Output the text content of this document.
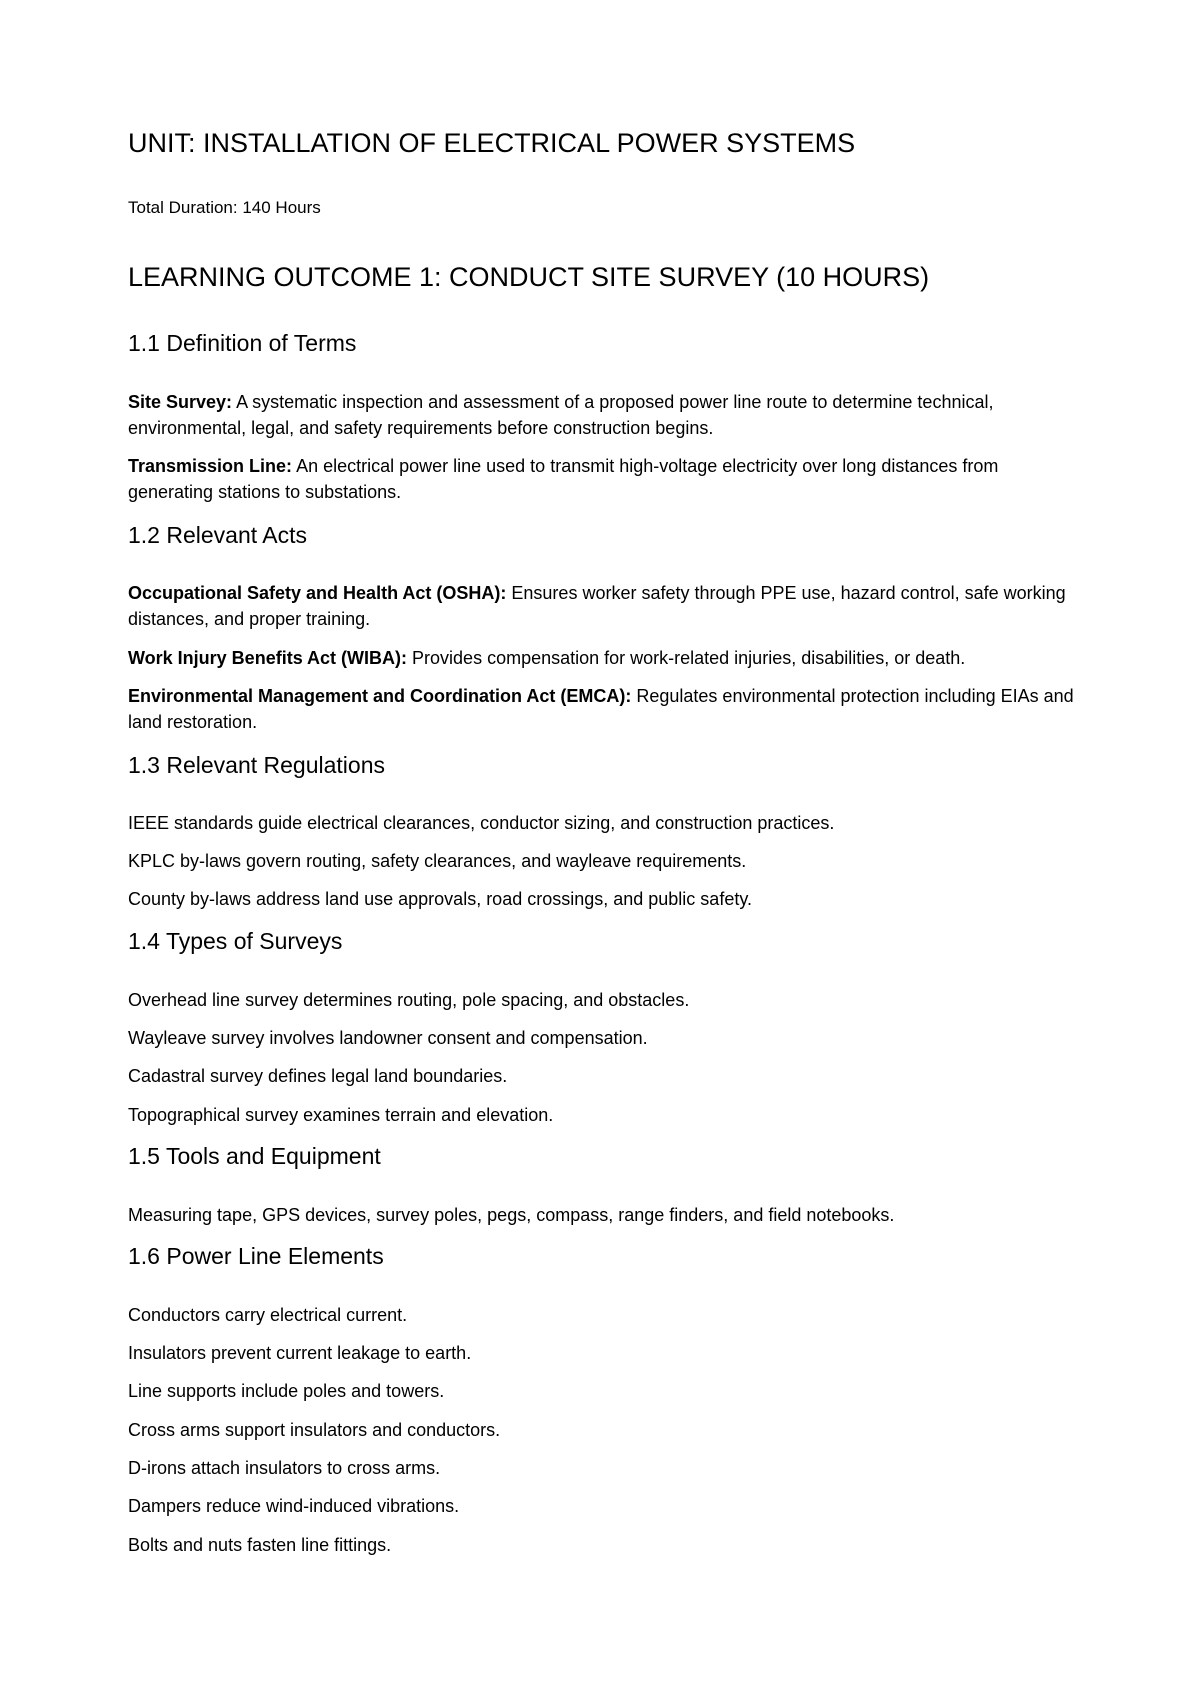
UNIT: INSTALLATION OF ELECTRICAL POWER SYSTEMS
Total Duration: 140 Hours
LEARNING OUTCOME 1: CONDUCT SITE SURVEY (10 HOURS)
1.1 Definition of Terms

Site Survey: A systematic inspection and assessment of a proposed power line route to determine technical, environmental, legal, and safety requirements before construction begins.

Transmission Line: An electrical power line used to transmit high-voltage electricity over long distances from generating stations to substations.

1.2 Relevant Acts

Occupational Safety and Health Act (OSHA): Ensures worker safety through PPE use, hazard control, safe working distances, and proper training.

Work Injury Benefits Act (WIBA): Provides compensation for work-related injuries, disabilities, or death.

Environmental Management and Coordination Act (EMCA): Regulates environmental protection including EIAs and land restoration.

1.3 Relevant Regulations

IEEE standards guide electrical clearances, conductor sizing, and construction practices.

KPLC by-laws govern routing, safety clearances, and wayleave requirements.

County by-laws address land use approvals, road crossings, and public safety.

1.4 Types of Surveys

Overhead line survey determines routing, pole spacing, and obstacles.

Wayleave survey involves landowner consent and compensation.

Cadastral survey defines legal land boundaries.

Topographical survey examines terrain and elevation.

1.5 Tools and Equipment

Measuring tape, GPS devices, survey poles, pegs, compass, range finders, and field notebooks.

1.6 Power Line Elements

Conductors carry electrical current.

Insulators prevent current leakage to earth.

Line supports include poles and towers.

Cross arms support insulators and conductors.

D-irons attach insulators to cross arms.

Dampers reduce wind-induced vibrations.

Bolts and nuts fasten line fittings.
